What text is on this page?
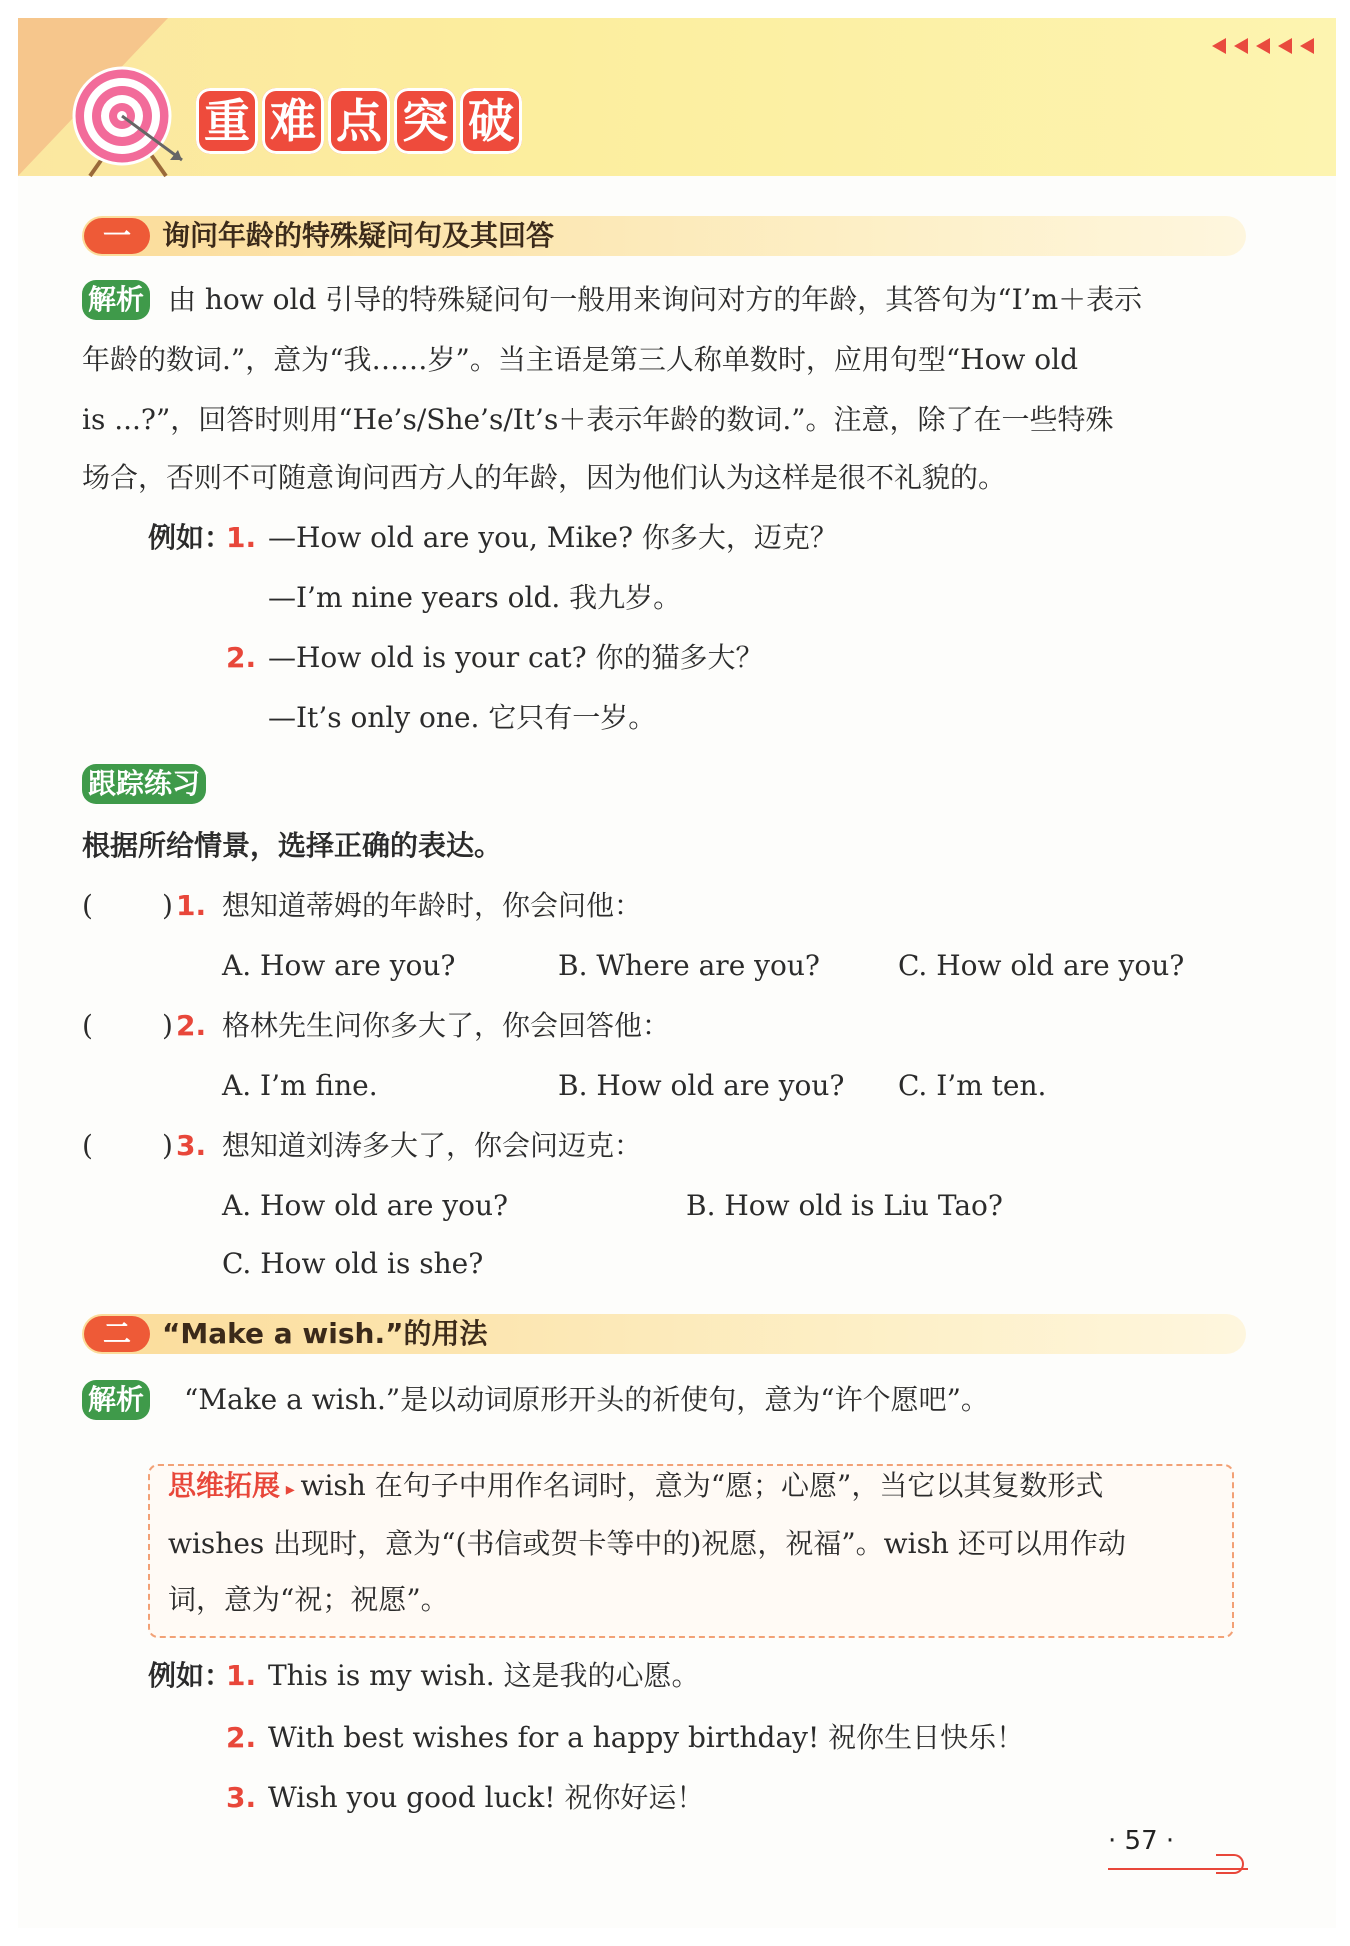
重 难 点 突 破
一	询问年龄的特殊疑问句及其回答
解析 由 how old 引导的特殊疑问句一般用来询问对方的年龄，其答句为“I’m＋表示
年龄的数词.”，意为“我……岁”。当主语是第三人称单数时，应用句型“How old
is ...?”，回答时则用“He’s/She’s/It’s＋表示年龄的数词.”。注意，除了在一些特殊
场合，否则不可随意询问西方人的年龄，因为他们认为这样是很不礼貌的。
例如：
1. —How old are you, Mike? 你多大，迈克？
—I’m nine years old. 我九岁。
2. —How old is your cat? 你的猫多大？
—It’s only one. 它只有一岁。
跟踪练习
根据所给情景，选择正确的表达。
( ) 1. 想知道蒂姆的年龄时，你会问他：
A. How are you?	B. Where are you?	C. How old are you?
( ) 2. 格林先生问你多大了，你会回答他：
A. I’m fine.	B. How old are you? C. I’m ten.
( ) 3. 想知道刘涛多大了，你会问迈克：
A. How old are you?	B. How old is Liu Tao?
C. How old is she?
二	“Make a wish.”的用法
解析 “Make a wish.”是以动词原形开头的祈使句，意为“许个愿吧”。
思维拓展 ▸ wish 在句子中用作名词时，意为“愿；心愿”，当它以其复数形式
wishes 出现时，意为“(书信或贺卡等中的)祝愿，祝福”。wish 还可以用作动
词，意为“祝；祝愿”。
例如：
1. This is my wish. 这是我的心愿。
2. With best wishes for a happy birthday! 祝你生日快乐！
3. Wish you good luck! 祝你好运！
· 57 ·
